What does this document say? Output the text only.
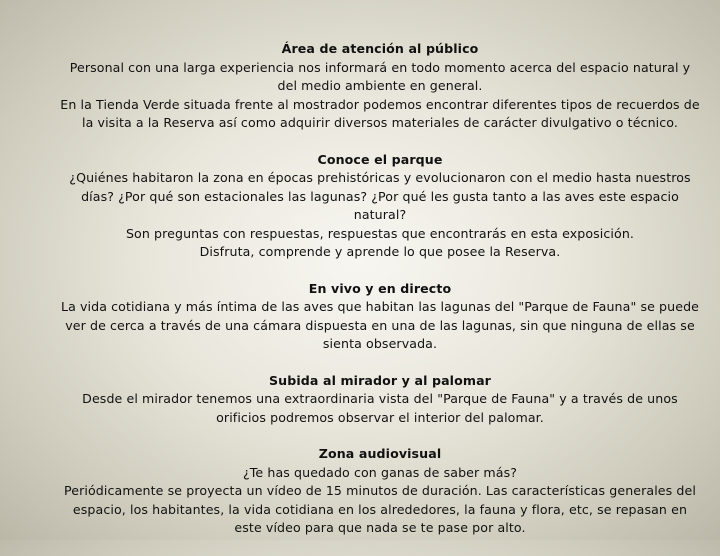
Área de atención al público

Personal con una larga experiencia nos informará en todo momento acerca del espacio natural y del medio ambiente en general.

En la Tienda Verde situada frente al mostrador podemos encontrar diferentes tipos de recuerdos de la visita a la Reserva así como adquirir diversos materiales de carácter divulgativo o técnico.

Conoce el parque

¿Quiénes habitaron la zona en épocas prehistóricas y evolucionaron con el medio hasta nuestros días? ¿Por qué son estacionales las lagunas? ¿Por qué les gusta tanto a las aves este espacio natural?

Son preguntas con respuestas, respuestas que encontrarás en esta exposición.

Disfruta, comprende y aprende lo que posee la Reserva.

En vivo y en directo

La vida cotidiana y más íntima de las aves que habitan las lagunas del "Parque de Fauna" se puede ver de cerca a través de una cámara dispuesta en una de las lagunas, sin que ninguna de ellas se sienta observada.

Subida al mirador y al palomar

Desde el mirador tenemos una extraordinaria vista del "Parque de Fauna" y a través de unos orificios podremos observar el interior del palomar.

Zona audiovisual

¿Te has quedado con ganas de saber más?

Periódicamente se proyecta un vídeo de 15 minutos de duración. Las características generales del espacio, los habitantes, la vida cotidiana en los alrededores, la fauna y flora, etc, se repasan en este vídeo para que nada se te pase por alto.
